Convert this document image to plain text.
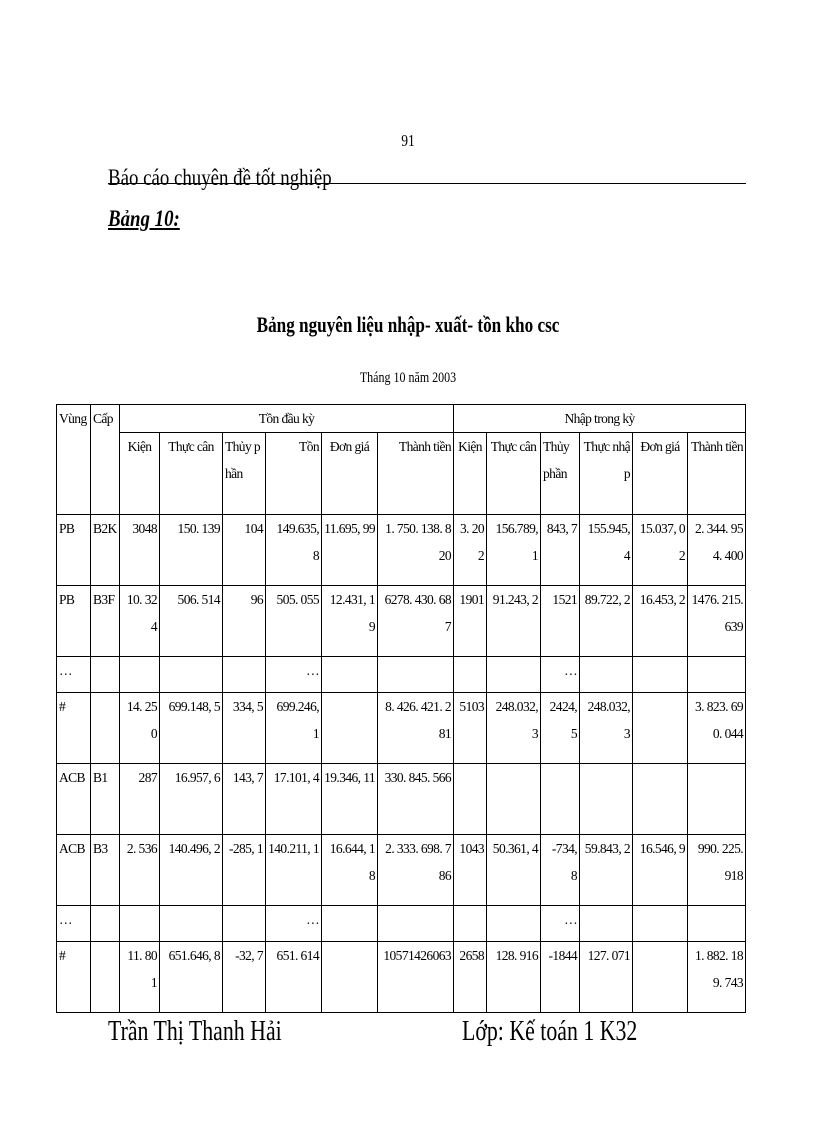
91
Báo cáo chuyên đề tốt nghiệp
Bảng 10:
Bảng nguyên liệu nhập- xuất- tồn kho csc
Tháng 10 năm 2003
Vùng	Cấp	Tồn đầu kỳ						Nhập trong kỳ					
		Kiện	Thực cân	Thủy phần	Tồn	Đơn giá	Thành tiền	Kiện	Thực cân	Thủy phần	Thực nhập	Đơn giá	Thành tiền
PB	B2K	3048	150. 139	104	149.635, 8	11.695, 99	1. 750. 138. 820	3. 202	156.789, 1	843, 7	155.945, 4	15.037, 02	2. 344. 954. 400
PB	B3F	10. 324	506. 514	96	505. 055	12.431, 19	6278. 430. 687	1901	91.243, 2	1521	89.722, 2	16.453, 2	1476. 215. 639
…					…					…			
#		14. 250	699.148, 5	334, 5	699.246, 1		8. 426. 421. 281	5103	248.032, 3	2424, 5	248.032, 3		3. 823. 690. 044
ACB	B1	287	16.957, 6	143, 7	17.101, 4	19.346, 11	330. 845. 566						
ACB	B3	2. 536	140.496, 2	-285, 1	140.211, 1	16.644, 18	2. 333. 698. 786	1043	50.361, 4	-734, 8	59.843, 2	16.546, 9	990. 225. 918
…					…					…			
#		11. 801	651.646, 8	-32, 7	651. 614		10571426063	2658	128. 916	-1844	127. 071		1. 882. 189. 743
Trần Thị Thanh Hải	Lớp: Kế toán 1 K32
